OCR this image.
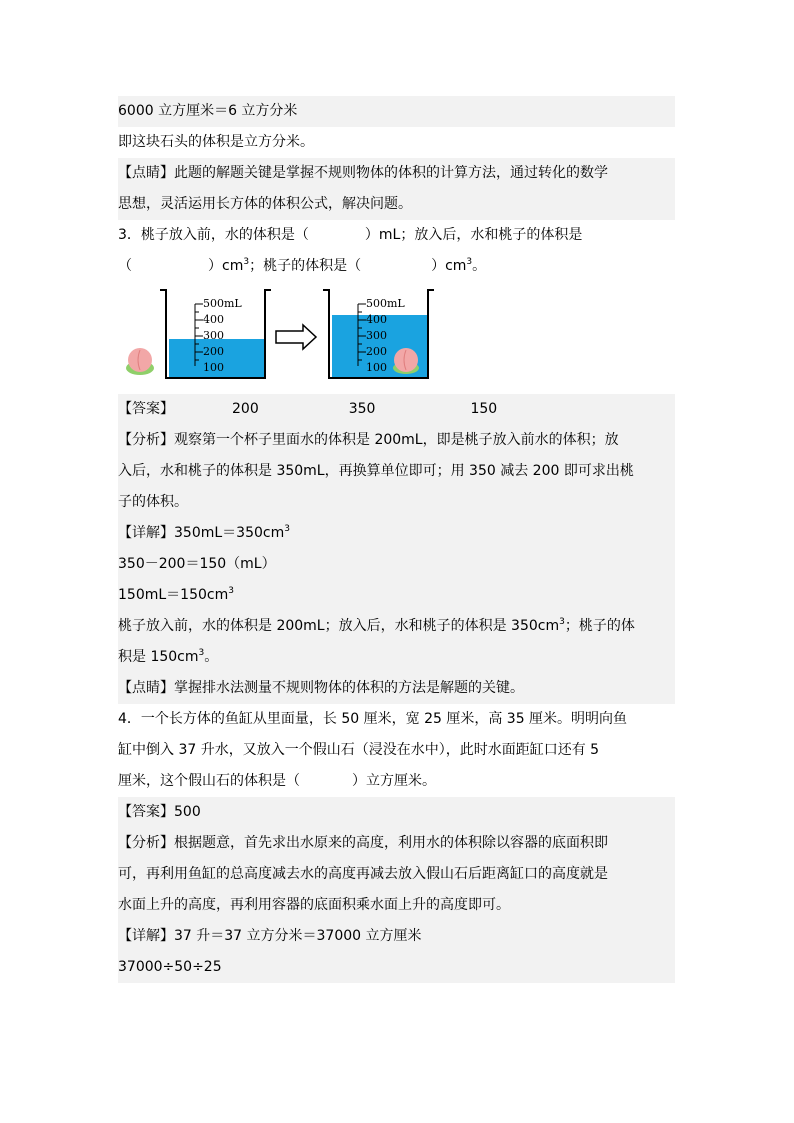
6000 立方厘米＝6 立方分米
即这块石头的体积是立方分米。
【点睛】此题的解题关键是掌握不规则物体的体积的计算方法，通过转化的数学
思想，灵活运用长方体的体积公式，解决问题。
3．桃子放入前，水的体积是（	）mL；放入后，水和桃子的体积是
（	）$cm^3$；桃子的体积是（	）$cm^3$。
500mL
400
300
200
100
500mL
400
300
200
100
【答案】	200	350	150
【分析】观察第一个杯子里面水的体积是 200mL，即是桃子放入前水的体积；放
入后，水和桃子的体积是 350mL，再换算单位即可；用 350 减去 200 即可求出桃
子的体积。
【详解】$350mL=350cm^3$
350－200＝150（mL）
$150mL=150cm^3$
桃子放入前，水的体积是 200mL；放入后，水和桃子的体积是 $350cm^3$；桃子的体
积是 $150cm^3$。
【点睛】掌握排水法测量不规则物体的体积的方法是解题的关键。
4．一个长方体的鱼缸从里面量，长 50 厘米，宽 25 厘米，高 35 厘米。明明向鱼
缸中倒入 37 升水，又放入一个假山石（浸没在水中），此时水面距缸口还有 5
厘米，这个假山石的体积是（	）立方厘米。
【答案】500
【分析】根据题意，首先求出水原来的高度，利用水的体积除以容器的底面积即
可，再利用鱼缸的总高度减去水的高度再减去放入假山石后距离缸口的高度就是
水面上升的高度，再利用容器的底面积乘水面上升的高度即可。
【详解】37 升＝37 立方分米＝37000 立方厘米
37000÷50÷25
